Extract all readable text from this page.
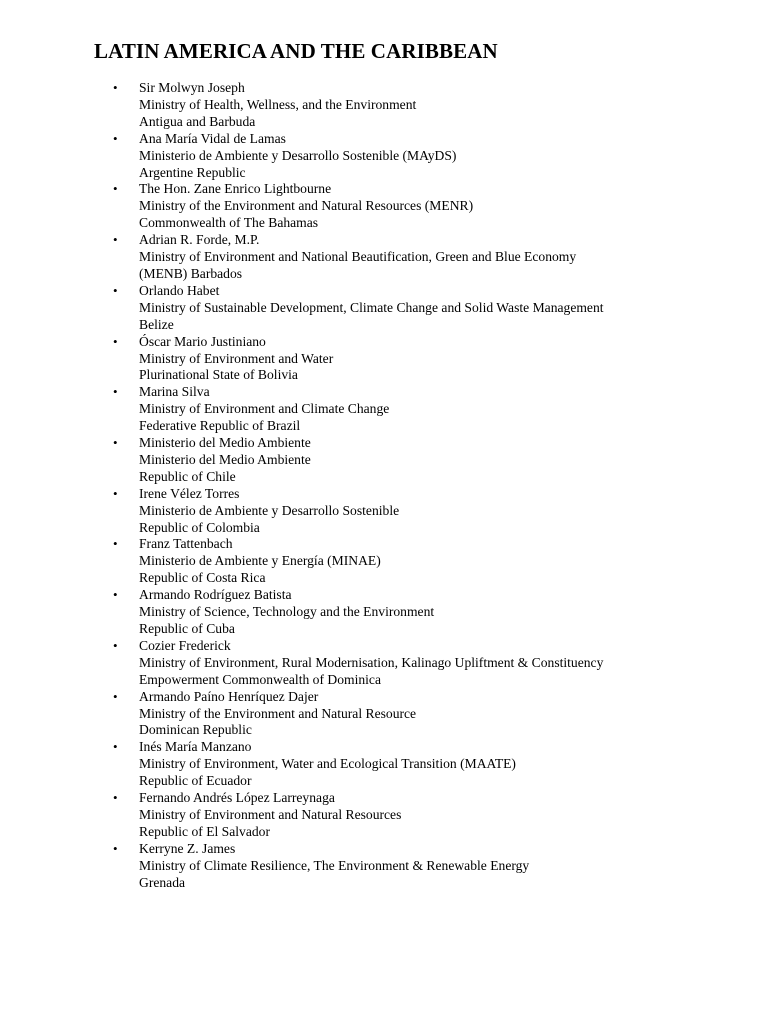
LATIN AMERICA AND THE CARIBBEAN
• Sir Molwyn Joseph
Ministry of Health, Wellness, and the Environment
Antigua and Barbuda
• Ana María Vidal de Lamas
Ministerio de Ambiente y Desarrollo Sostenible (MAyDS)
Argentine Republic
• The Hon. Zane Enrico Lightbourne
Ministry of the Environment and Natural Resources (MENR)
Commonwealth of The Bahamas
• Adrian R. Forde, M.P.
Ministry of Environment and National Beautification, Green and Blue Economy
(MENB) Barbados
• Orlando Habet
Ministry of Sustainable Development, Climate Change and Solid Waste Management
Belize
• Óscar Mario Justiniano
Ministry of Environment and Water
Plurinational State of Bolivia
• Marina Silva
Ministry of Environment and Climate Change
Federative Republic of Brazil
• Ministerio del Medio Ambiente
Ministerio del Medio Ambiente
Republic of Chile
• Irene Vélez Torres
Ministerio de Ambiente y Desarrollo Sostenible
Republic of Colombia
• Franz Tattenbach
Ministerio de Ambiente y Energía (MINAE)
Republic of Costa Rica
• Armando Rodríguez Batista
Ministry of Science, Technology and the Environment
Republic of Cuba
• Cozier Frederick
Ministry of Environment, Rural Modernisation, Kalinago Upliftment & Constituency
Empowerment Commonwealth of Dominica
• Armando Paíno Henríquez Dajer
Ministry of the Environment and Natural Resource
Dominican Republic
• Inés María Manzano
Ministry of Environment, Water and Ecological Transition (MAATE)
Republic of Ecuador
• Fernando Andrés López Larreynaga
Ministry of Environment and Natural Resources
Republic of El Salvador
• Kerryne Z. James
Ministry of Climate Resilience, The Environment & Renewable Energy
Grenada
